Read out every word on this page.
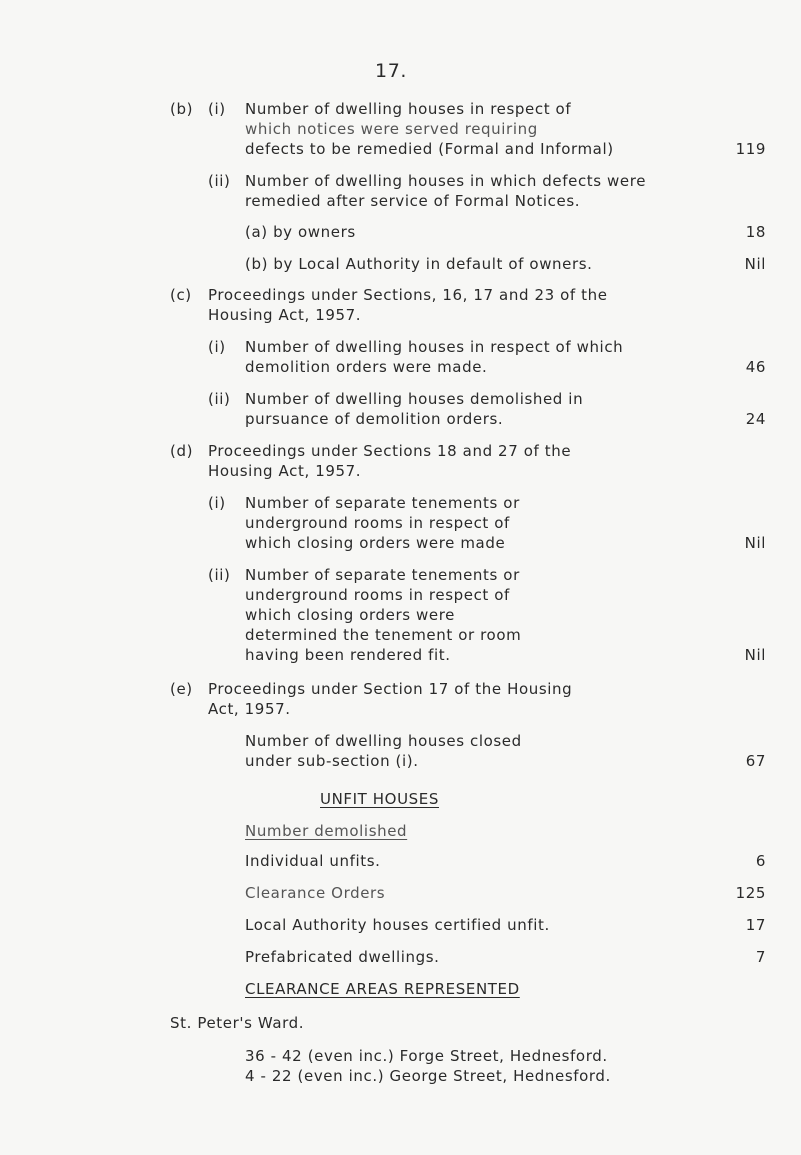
17.
(b) (i) Number of dwelling houses in respect of
which notices were served requiring
defects to be remedied (Formal and Informal)	119
(ii) Number of dwelling houses in which defects were
remedied after service of Formal Notices.
(a) by owners	18
(b) by Local Authority in default of owners.	Nil
(c) Proceedings under Sections, 16, 17 and 23 of the
Housing Act, 1957.
(i) Number of dwelling houses in respect of which
demolition orders were made.	46
(ii) Number of dwelling houses demolished in
pursuance of demolition orders.	24
(d) Proceedings under Sections 18 and 27 of the
Housing Act, 1957.
(i) Number of separate tenements or
underground rooms in respect of
which closing orders were made	Nil
(ii) Number of separate tenements or
underground rooms in respect of
which closing orders were
determined the tenement or room
having been rendered fit.	Nil
(e) Proceedings under Section 17 of the Housing
Act, 1957.
Number of dwelling houses closed
under sub-section (i).	67
UNFIT HOUSES
Number demolished
Individual unfits.	6
Clearance Orders	125
Local Authority houses certified unfit.	17
Prefabricated dwellings.	7
CLEARANCE AREAS REPRESENTED
St. Peter's Ward.
36 - 42 (even inc.) Forge Street, Hednesford.
4 - 22 (even inc.) George Street, Hednesford.
